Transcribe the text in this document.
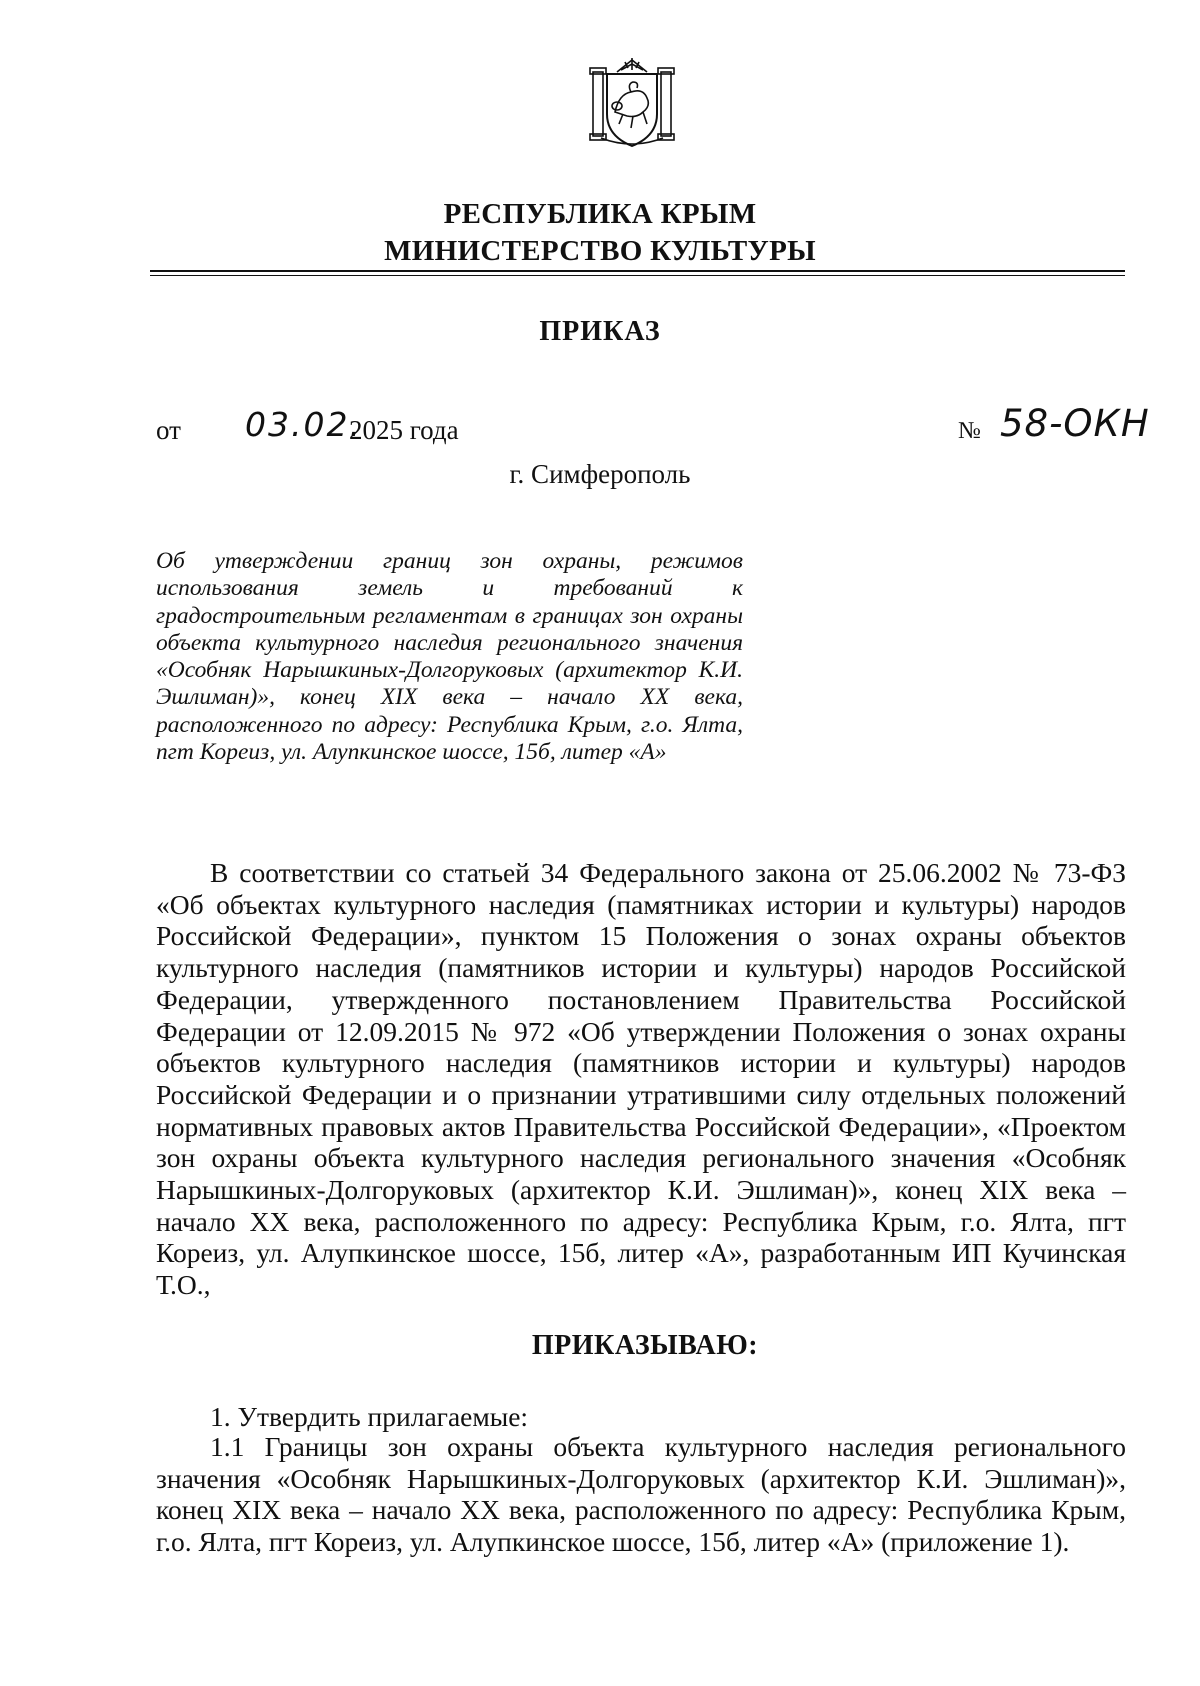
РЕСПУБЛИКА КРЫМ
МИНИСТЕРСТВО КУЛЬТУРЫ
ПРИКАЗ
от 03.02.
2025 года	№ 58-ОКН
г. Симферополь
Об утверждении границ зон охраны, режимов использования земель и требований к градостроительным регламентам в границах зон охраны объекта культурного наследия регионального значения «Особняк Нарышкиных-Долгоруковых (архитектор К.И. Эшлиман)», конец XIX века – начало XX века, расположенного по адресу: Республика Крым, г.о. Ялта, пгт Кореиз, ул. Алупкинское шоссе, 15б, литер «А»

В соответствии со статьей 34 Федерального закона от 25.06.2002 № 73-ФЗ «Об объектах культурного наследия (памятниках истории и культуры) народов Российской Федерации», пунктом 15 Положения о зонах охраны объектов культурного наследия (памятников истории и культуры) народов Российской Федерации, утвержденного постановлением Правительства Российской Федерации от 12.09.2015 № 972 «Об утверждении Положения о зонах охраны объектов культурного наследия (памятников истории и культуры) народов Российской Федерации и о признании утратившими силу отдельных положений нормативных правовых актов Правительства Российской Федерации», «Проектом зон охраны объекта культурного наследия регионального значения «Особняк Нарышкиных-Долгоруковых (архитектор К.И. Эшлиман)», конец XIX века – начало XX века, расположенного по адресу: Республика Крым, г.о. Ялта, пгт Кореиз, ул. Алупкинское шоссе, 15б, литер «А», разработанным ИП Кучинская Т.О.,

ПРИКАЗЫВАЮ:
1. Утвердить прилагаемые:

1.1 Границы зон охраны объекта культурного наследия регионального значения «Особняк Нарышкиных-Долгоруковых (архитектор К.И. Эшлиман)», конец XIX века – начало XX века, расположенного по адресу: Республика Крым, г.о. Ялта, пгт Кореиз, ул. Алупкинское шоссе, 15б, литер «А» (приложение 1).
